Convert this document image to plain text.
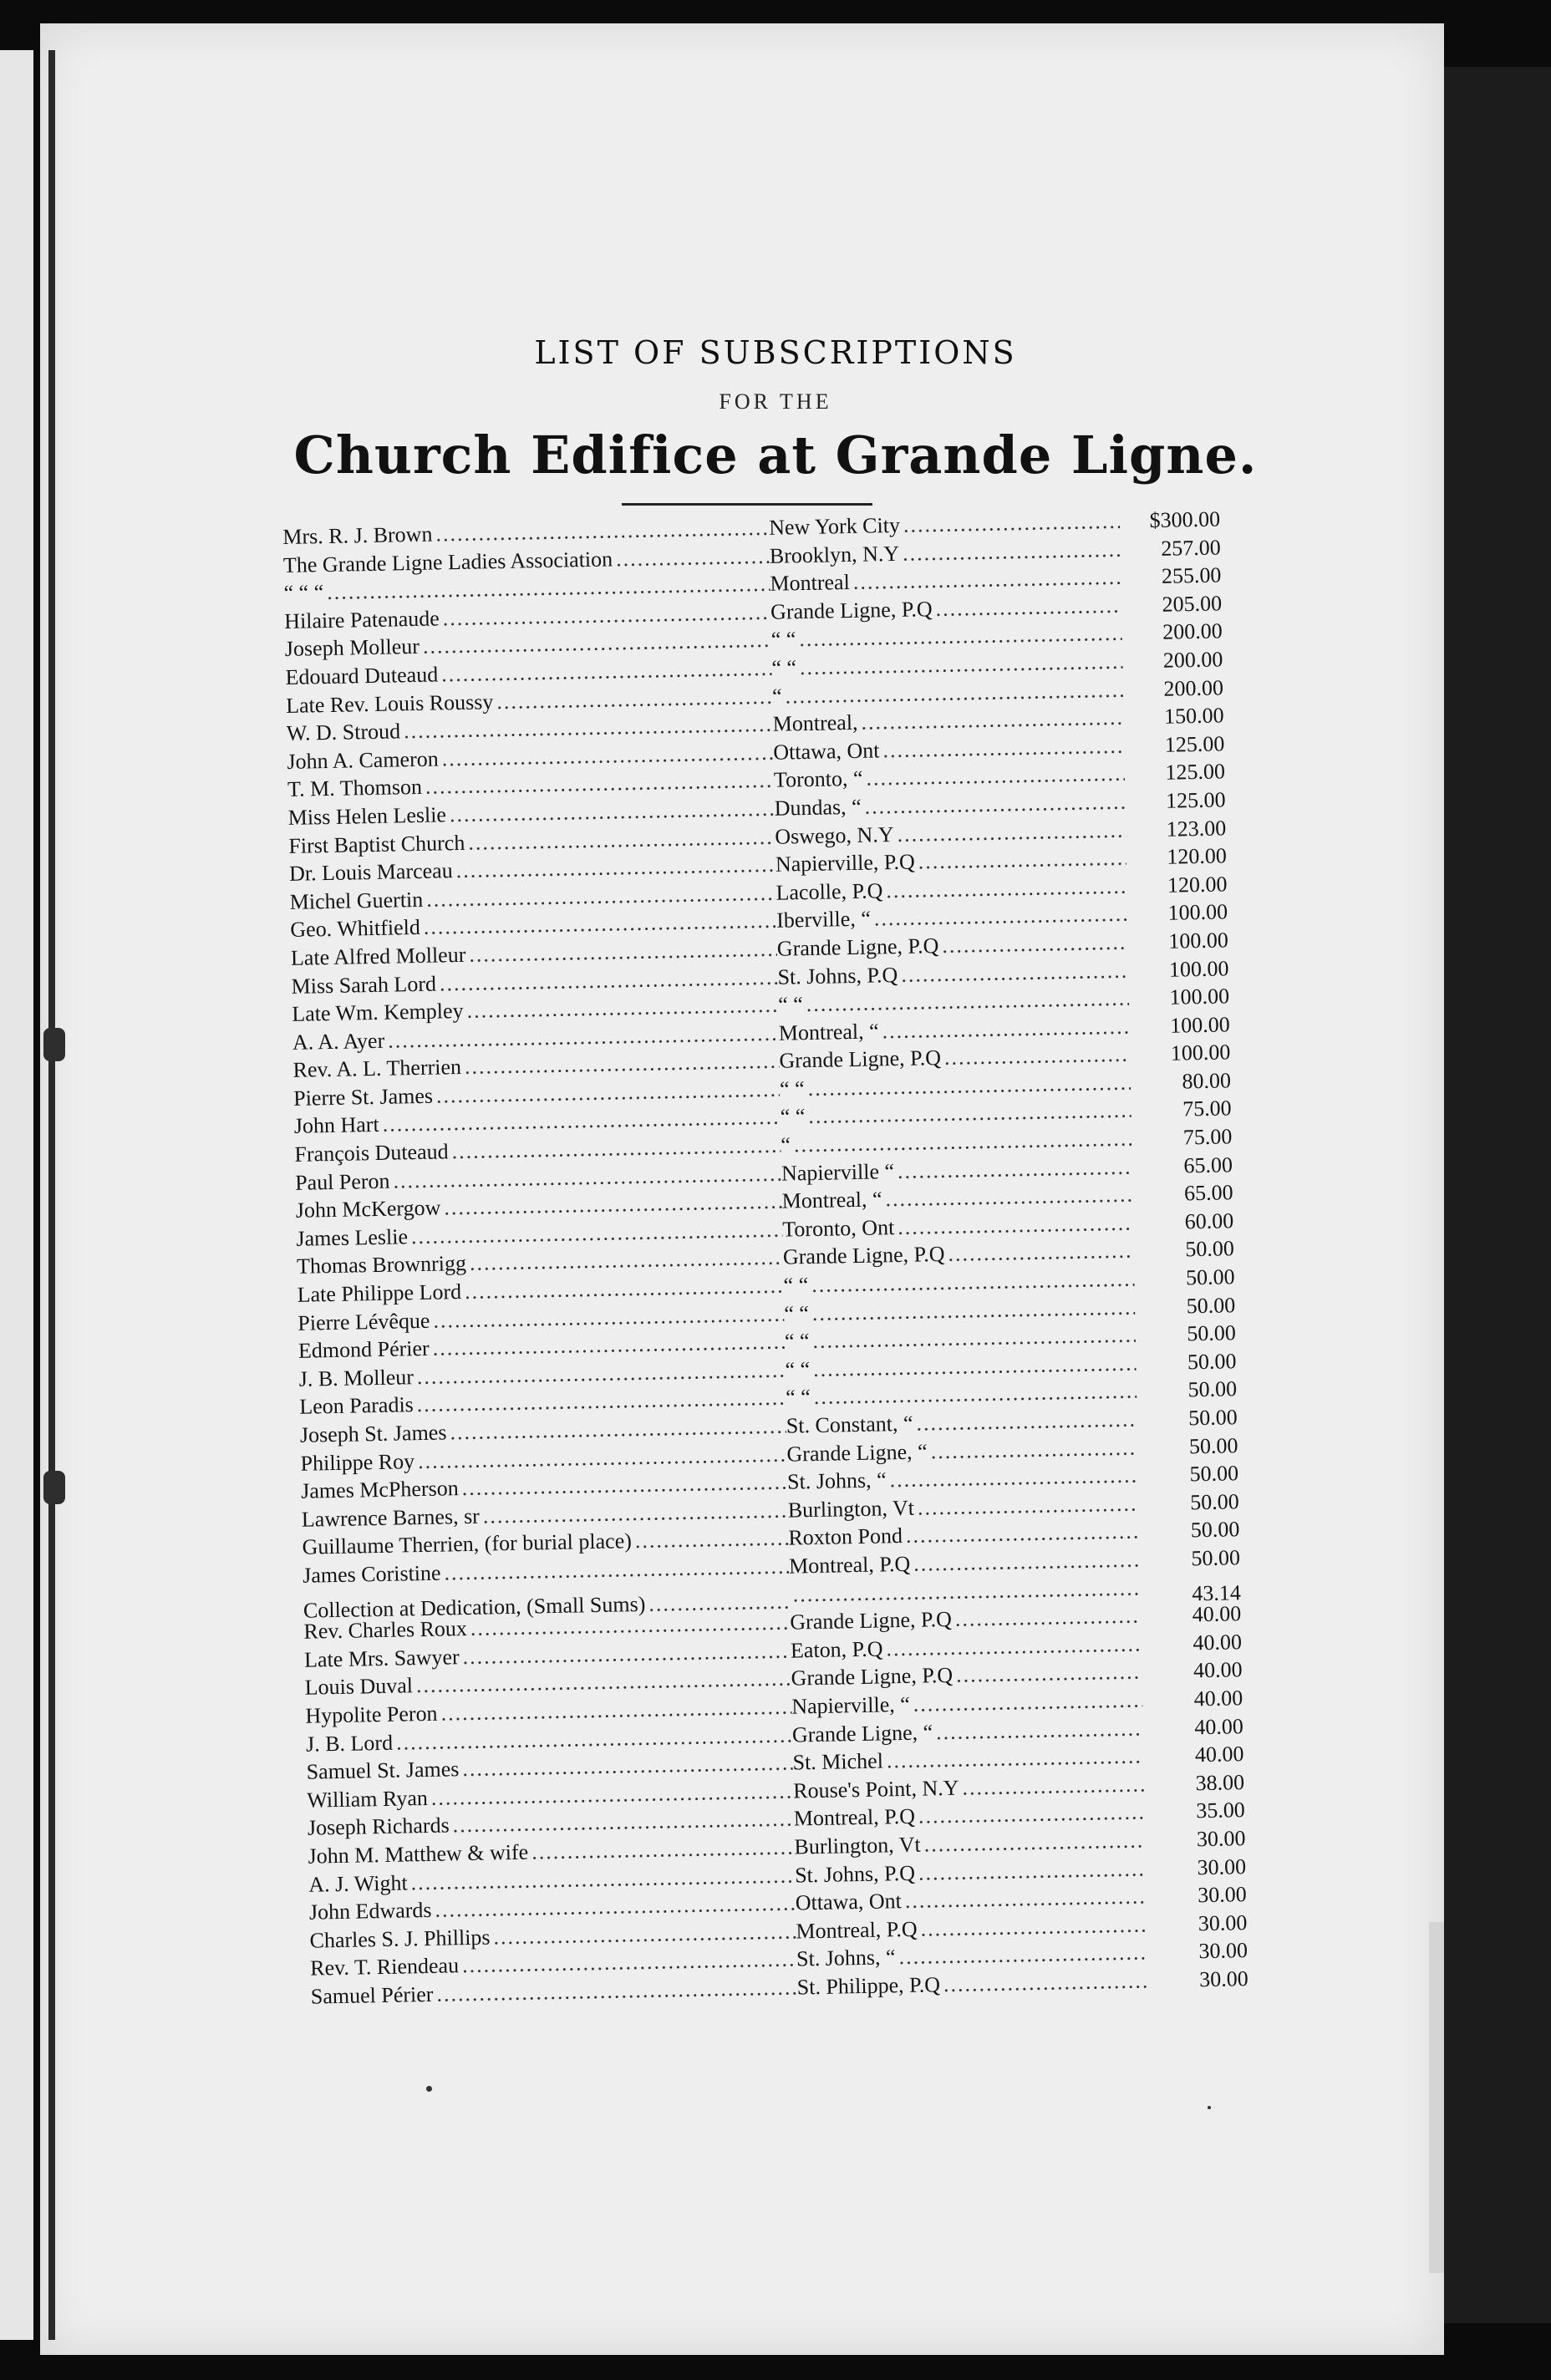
LIST OF SUBSCRIPTIONS
FOR THE
Church Edifice at Grande Ligne.
Mrs. R. J. Brown .....	New York City .....	$300.00
The Grande Ligne Ladies Association .....	Brooklyn, N.Y .....	257.00
“ “ “ .....	Montreal .....	255.00
Hilaire Patenaude .....	Grande Ligne, P.Q .....	205.00
Joseph Molleur .....	“ “ .....	200.00
Edouard Duteaud .....	“ “ .....	200.00
Late Rev. Louis Roussy .....	“ .....	200.00
W. D. Stroud .....	Montreal, .....	150.00
John A. Cameron .....	Ottawa, Ont .....	125.00
T. M. Thomson .....	Toronto, “ .....	125.00
Miss Helen Leslie .....	Dundas, “ .....	125.00
First Baptist Church .....	Oswego, N.Y .....	123.00
Dr. Louis Marceau .....	Napierville, P.Q .....	120.00
Michel Guertin .....	Lacolle, P.Q .....	120.00
Geo. Whitfield .....	Iberville, “ .....	100.00
Late Alfred Molleur .....	Grande Ligne, P.Q .....	100.00
Miss Sarah Lord .....	St. Johns, P.Q .....	100.00
Late Wm. Kempley .....	“ “ .....	100.00
A. A. Ayer .....	Montreal, “ .....	100.00
Rev. A. L. Therrien .....	Grande Ligne, P.Q .....	100.00
Pierre St. James .....	“ “ .....	80.00
John Hart .....	“ “ .....	75.00
François Duteaud .....	“ .....	75.00
Paul Peron .....	Napierville “ .....	65.00
John McKergow .....	Montreal, “ .....	65.00
James Leslie .....	Toronto, Ont .....	60.00
Thomas Brownrigg .....	Grande Ligne, P.Q .....	50.00
Late Philippe Lord .....	“ “ .....	50.00
Pierre Lévêque .....	“ “ .....	50.00
Edmond Périer .....	“ “ .....	50.00
J. B. Molleur .....	“ “ .....	50.00
Leon Paradis .....	“ “ .....	50.00
Joseph St. James .....	St. Constant, “ .....	50.00
Philippe Roy .....	Grande Ligne, “ .....	50.00
James McPherson .....	St. Johns, “ .....	50.00
Lawrence Barnes, sr .....	Burlington, Vt .....	50.00
Guillaume Therrien, (for burial place) .....	Roxton Pond .....	50.00
James Coristine .....	Montreal, P.Q .....	50.00
Collection at Dedication, (Small Sums) ..... .....	43.14
Rev. Charles Roux .....	Grande Ligne, P.Q .....	40.00
Late Mrs. Sawyer .....	Eaton, P.Q .....	40.00
Louis Duval .....	Grande Ligne, P.Q .....	40.00
Hypolite Peron .....	Napierville, “ .....	40.00
J. B. Lord .....	Grande Ligne, “ .....	40.00
Samuel St. James .....	St. Michel .....	40.00
William Ryan .....	Rouse's Point, N.Y .....	38.00
Joseph Richards .....	Montreal, P.Q .....	35.00
John M. Matthew & wife .....	Burlington, Vt .....	30.00
A. J. Wight .....	St. Johns, P.Q .....	30.00
John Edwards .....	Ottawa, Ont .....	30.00
Charles S. J. Phillips .....	Montreal, P.Q .....	30.00
Rev. T. Riendeau .....	St. Johns, “ .....	30.00
Samuel Périer .....	St. Philippe, P.Q .....	30.00
